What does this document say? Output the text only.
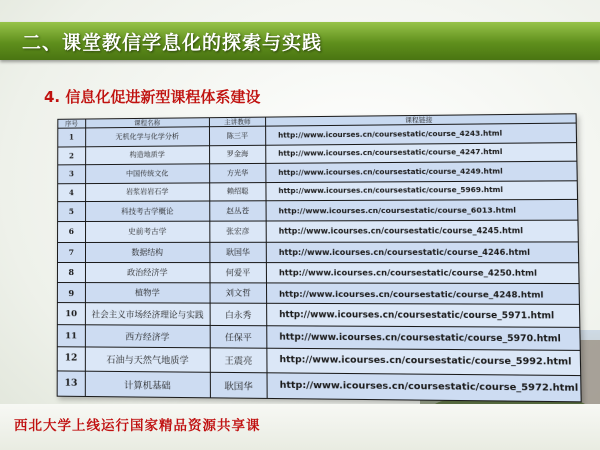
二、课堂教信学息化的探索与实践
4. 信息化促进新型课程体系建设
序号	课程名称	主讲教师	课程链接
1	无机化学与化学分析	陈三平	http://www.icourses.cn/coursestatic/course_4243.html
2	构造地质学	罗金海	http://www.icourses.cn/coursestatic/course_4247.html
3	中国传统文化	方光华	http://www.icourses.cn/coursestatic/course_4249.html
4	岩浆岩岩石学	赖绍聪	http://www.icourses.cn/coursestatic/course_5969.html
5	科技考古学概论	赵丛苍	http://www.icourses.cn/coursestatic/course_6013.html
6	史前考古学	张宏彦	http://www.icourses.cn/coursestatic/course_4245.html
7	数据结构	耿国华	http://www.icourses.cn/coursestatic/course_4246.html
8	政治经济学	何爱平	http://www.icourses.cn/coursestatic/course_4250.html
9	植物学	刘文哲	http://www.icourses.cn/coursestatic/course_4248.html
10	社会主义市场经济理论与实践	白永秀	http://www.icourses.cn/coursestatic/course_5971.html
11	西方经济学	任保平	http://www.icourses.cn/coursestatic/course_5970.html
12	石油与天然气地质学	王震亮	http://www.icourses.cn/coursestatic/course_5992.html
13	计算机基础	耿国华	http://www.icourses.cn/coursestatic/course_5972.html
西北大学上线运行国家精品资源共享课
